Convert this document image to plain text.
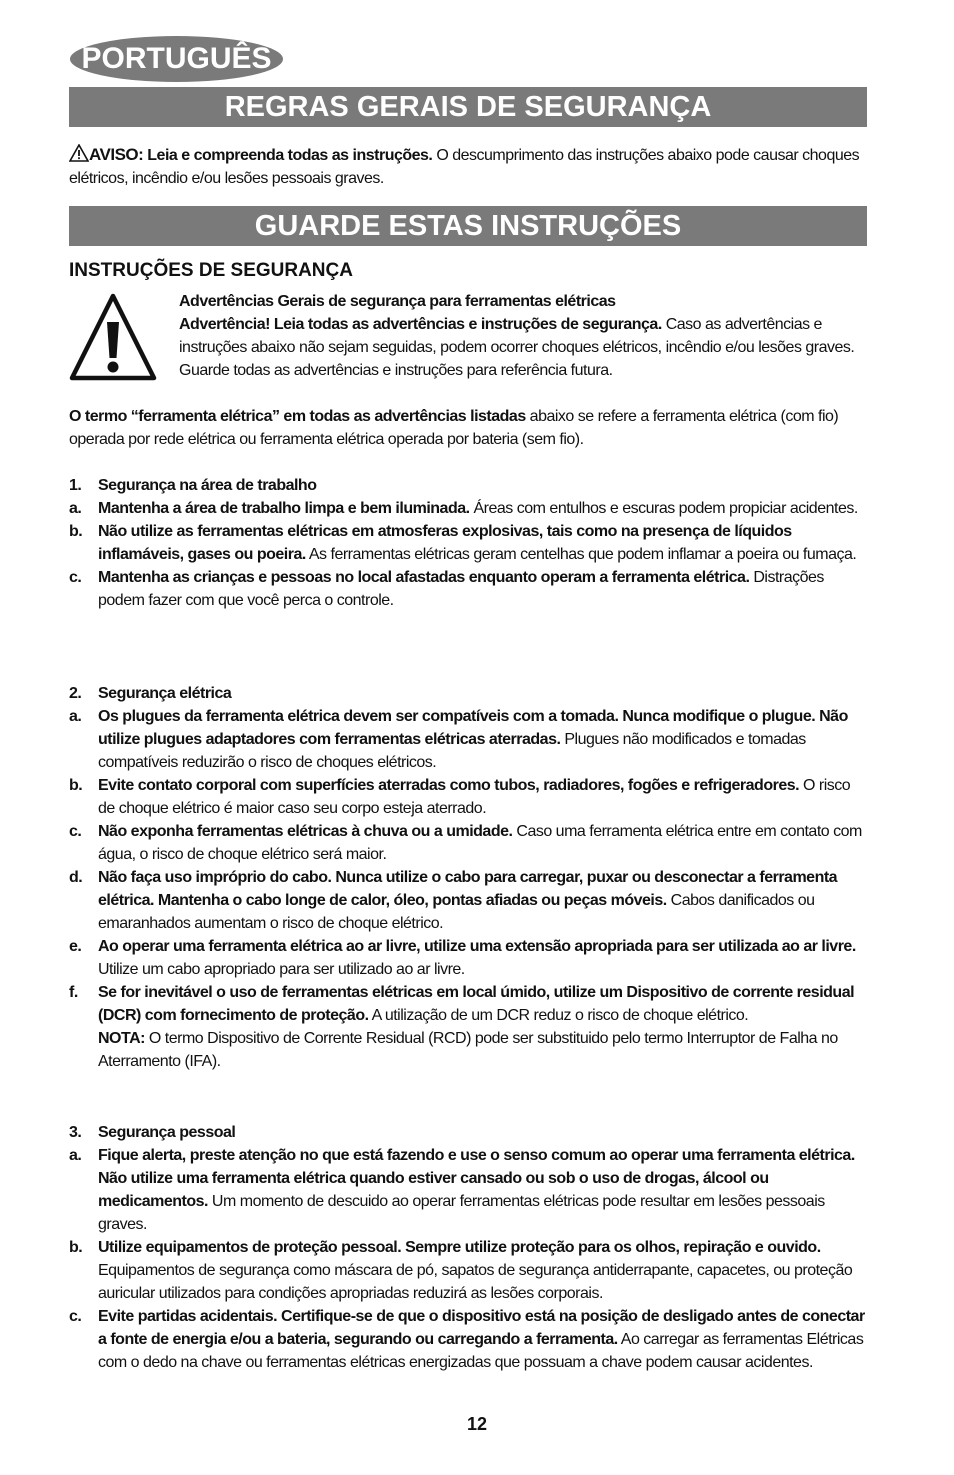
PORTUGUÊS
REGRAS GERAIS DE SEGURANÇA
AVISO: Leia e compreenda todas as instruções. O descumprimento das instruções abaixo pode causar choques elétricos, incêndio e/ou lesões pessoais graves.
GUARDE ESTAS INSTRUÇÕES
INSTRUÇÕES DE SEGURANÇA
Advertências Gerais de segurança para ferramentas elétricas
Advertência! Leia todas as advertências e instruções de segurança. Caso as advertências e instruções abaixo não sejam seguidas, podem ocorrer choques elétricos, incêndio e/ou lesões graves. Guarde todas as advertências e instruções para referência futura.
O termo “ferramenta elétrica” em todas as advertências listadas abaixo se refere a ferramenta elétrica (com fio) operada por rede elétrica ou ferramenta elétrica operada por bateria (sem fio).
1. Segurança na área de trabalho
a. Mantenha a área de trabalho limpa e bem iluminada. Áreas com entulhos e escuras podem propiciar acidentes.
b. Não utilize as ferramentas elétricas em atmosferas explosivas, tais como na presença de líquidos inflamáveis, gases ou poeira. As ferramentas elétricas geram centelhas que podem inflamar a poeira ou fumaça.
c. Mantenha as crianças e pessoas no local afastadas enquanto operam a ferramenta elétrica. Distrações podem fazer com que você perca o controle.
2. Segurança elétrica
a. Os plugues da ferramenta elétrica devem ser compatíveis com a tomada. Nunca modifique o plugue. Não utilize plugues adaptadores com ferramentas elétricas aterradas. Plugues não modificados e tomadas compatíveis reduzirão o risco de choques elétricos.
b. Evite contato corporal com superfícies aterradas como tubos, radiadores, fogões e refrigeradores. O risco de choque elétrico é maior caso seu corpo esteja aterrado.
c. Não exponha ferramentas elétricas à chuva ou a umidade. Caso uma ferramenta elétrica entre em contato com água, o risco de choque elétrico será maior.
d. Não faça uso impróprio do cabo. Nunca utilize o cabo para carregar, puxar ou desconectar a ferramenta elétrica. Mantenha o cabo longe de calor, óleo, pontas afiadas ou peças móveis. Cabos danificados ou emaranhados aumentam o risco de choque elétrico.
e. Ao operar uma ferramenta elétrica ao ar livre, utilize uma extensão apropriada para ser utilizada ao ar livre. Utilize um cabo apropriado para ser utilizado ao ar livre.
f. Se for inevitável o uso de ferramentas elétricas em local úmido, utilize um Dispositivo de corrente residual (DCR) com fornecimento de proteção. A utilização de um DCR reduz o risco de choque elétrico.
NOTA: O termo Dispositivo de Corrente Residual (RCD) pode ser substituido pelo termo Interruptor de Falha no Aterramento (IFA).
3. Segurança pessoal
a. Fique alerta, preste atenção no que está fazendo e use o senso comum ao operar uma ferramenta elétrica. Não utilize uma ferramenta elétrica quando estiver cansado ou sob o uso de drogas, álcool ou medicamentos. Um momento de descuido ao operar ferramentas elétricas pode resultar em lesões pessoais graves.
b. Utilize equipamentos de proteção pessoal. Sempre utilize proteção para os olhos, repiração e ouvido. Equipamentos de segurança como máscara de pó, sapatos de segurança antiderrapante, capacetes, ou proteção auricular utilizados para condições apropriadas reduzirá as lesões corporais.
c. Evite partidas acidentais. Certifique-se de que o dispositivo está na posição de desligado antes de conectar a fonte de energia e/ou a bateria, segurando ou carregando a ferramenta. Ao carregar as ferramentas Elétricas com o dedo na chave ou ferramentas elétricas energizadas que possuam a chave podem causar acidentes.
12
